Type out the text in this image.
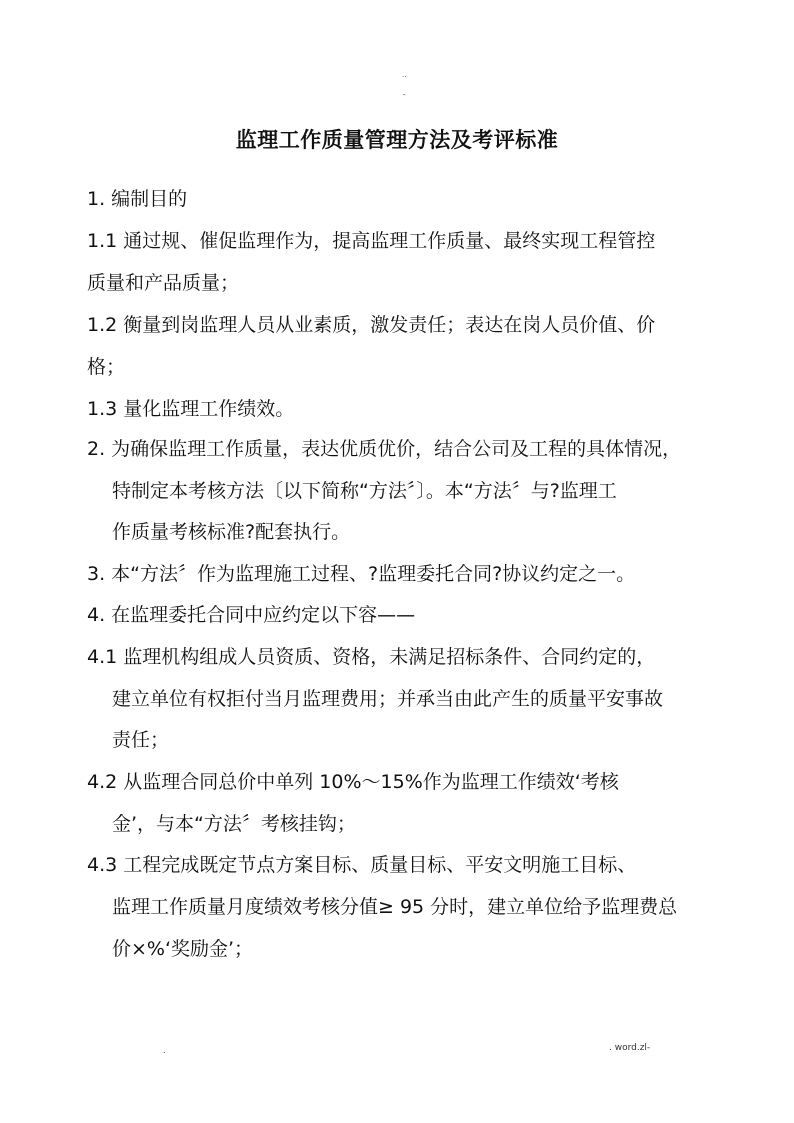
..
-
监理工作质量管理方法及考评标准
1. 编制目的
1.1 通过规、催促监理作为，提高监理工作质量、最终实现工程管控
质量和产品质量；
1.2 衡量到岗监理人员从业素质，激发责任；表达在岗人员价值、价
格；
1.3 量化监理工作绩效。
2. 为确保监理工作质量，表达优质优价，结合公司及工程的具体情况，
特制定本考核方法〔以下简称“方法〞〕。本“方法〞与?监理工
作质量考核标准?配套执行。
3. 本“方法〞作为监理施工过程、?监理委托合同?协议约定之一。
4. 在监理委托合同中应约定以下容——
4.1 监理机构组成人员资质、资格，未满足招标条件、合同约定的，
建立单位有权拒付当月监理费用；并承当由此产生的质量平安事故
责任；
4.2 从监理合同总价中单列 10%～15%作为监理工作绩效‘考核
金’，与本“方法〞考核挂钩；
4.3 工程完成既定节点方案目标、质量目标、平安文明施工目标、
监理工作质量月度绩效考核分值≥ 95 分时，建立单位给予监理费总
价×%‘奖励金’；
.	. word.zl-
